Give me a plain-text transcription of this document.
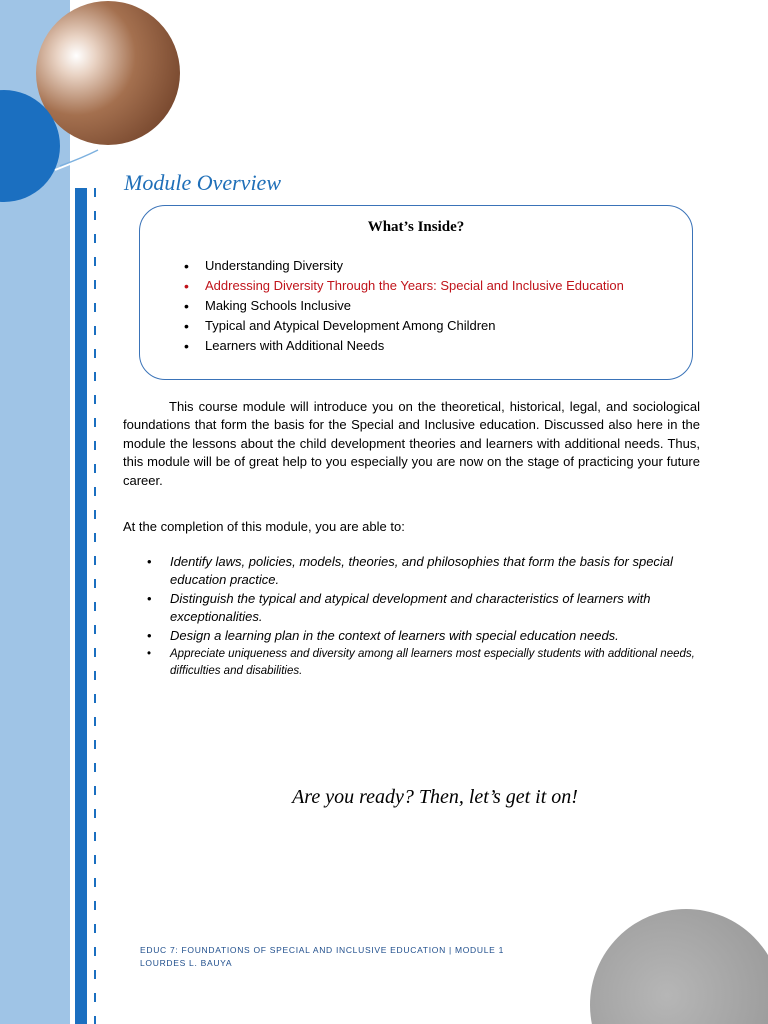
Module Overview
What’s Inside?
• Understanding Diversity
• Addressing Diversity Through the Years: Special and Inclusive Education
• Making Schools Inclusive
• Typical and Atypical Development Among Children
• Learners with Additional Needs

This course module will introduce you on the theoretical, historical, legal, and sociological foundations that form the basis for the Special and Inclusive education. Discussed also here in the module the lessons about the child development theories and learners with additional needs. Thus, this module will be of great help to you especially you are now on the stage of practicing your future career.

At the completion of this module, you are able to:

• Identify laws, policies, models, theories, and philosophies that form the basis for special education practice.
• Distinguish the typical and atypical development and characteristics of learners with exceptionalities.
• Design a learning plan in the context of learners with special education needs.
• Appreciate uniqueness and diversity among all learners most especially students with additional needs, difficulties and disabilities.
Are you ready? Then, let’s get it on!
EDUC 7: FOUNDATIONS OF SPECIAL AND INCLUSIVE EDUCATION | MODULE 1
LOURDES L. BAUYA
